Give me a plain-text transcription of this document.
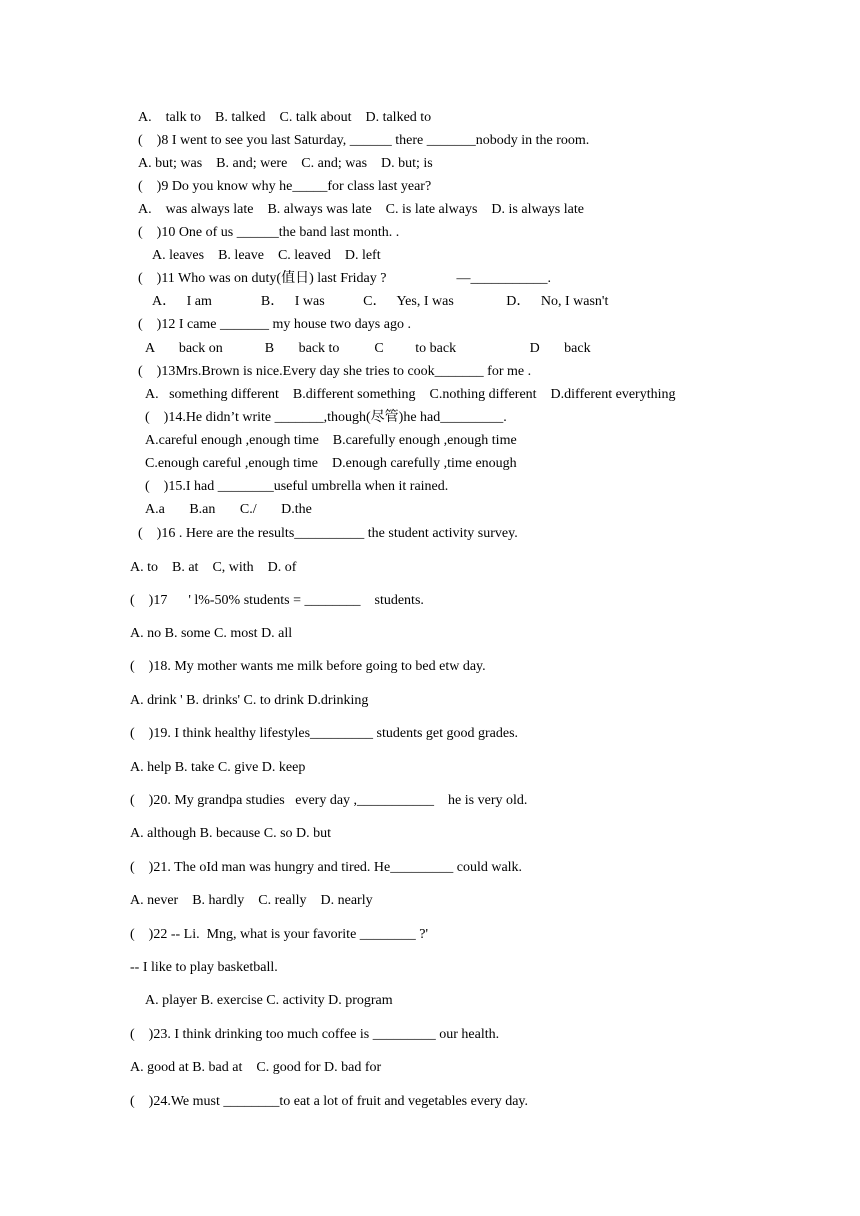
A.    talk to    B. talked    C. talk about    D. talked to
(    )8 I went to see you last Saturday, ______ there _______nobody in the room.
A. but; was    B. and; were    C. and; was    D. but; is
(    )9 Do you know why he_____for class last year?
A.    was always late    B. always was late    C. is late always    D. is always late
(    )10 One of us ______the band last month. .
A. leaves    B. leave    C. leaved    D. left
(    )11 Who was on duty(值日) last Friday ?                    —___________.
A．   I am              B．   I was           C．   Yes, I was               D．   No, I wasn't
(    )12 I came _______ my house two days ago .
A       back on            B       back to          C         to back                     D       back
(    )13Mrs.Brown is nice.Every day she tries to cook_______ for me .
A.   something different    B.different something    C.nothing different    D.different everything
(    )14.He didn’t write _______,though(尽管)he had_________.
A.careful enough ,enough time    B.carefully enough ,enough time
C.enough careful ,enough time    D.enough carefully ,time enough
(    )15.I had ________useful umbrella when it rained.
A.a       B.an       C./       D.the
(    )16 . Here are the results__________ the student activity survey.
A. to    B. at    C, with    D. of
(    )17      ' l%-50% students = ________    students.
A. no B. some C. most D. all
(    )18. My mother wants me milk before going to bed etw day.
A. drink ' B. drinks' C. to drink D.drinking
(    )19. I think healthy lifestyles_________ students get good grades.
A. help B. take C. give D. keep
(    )20. My grandpa studies   every day ,___________    he is very old.
A. although B. because C. so D. but
(    )21. The oId man was hungry and tired. He_________ could walk.
A. never    B. hardly    C. really    D. nearly
(    )22 -- Li.  Mng, what is your favorite ________ ?'
-- I like to play basketball.
A. player B. exercise C. activity D. program
(    )23. I think drinking too much coffee is _________ our health.
A. good at B. bad at    C. good for D. bad for
(    )24.We must ________to eat a lot of fruit and vegetables every day.
